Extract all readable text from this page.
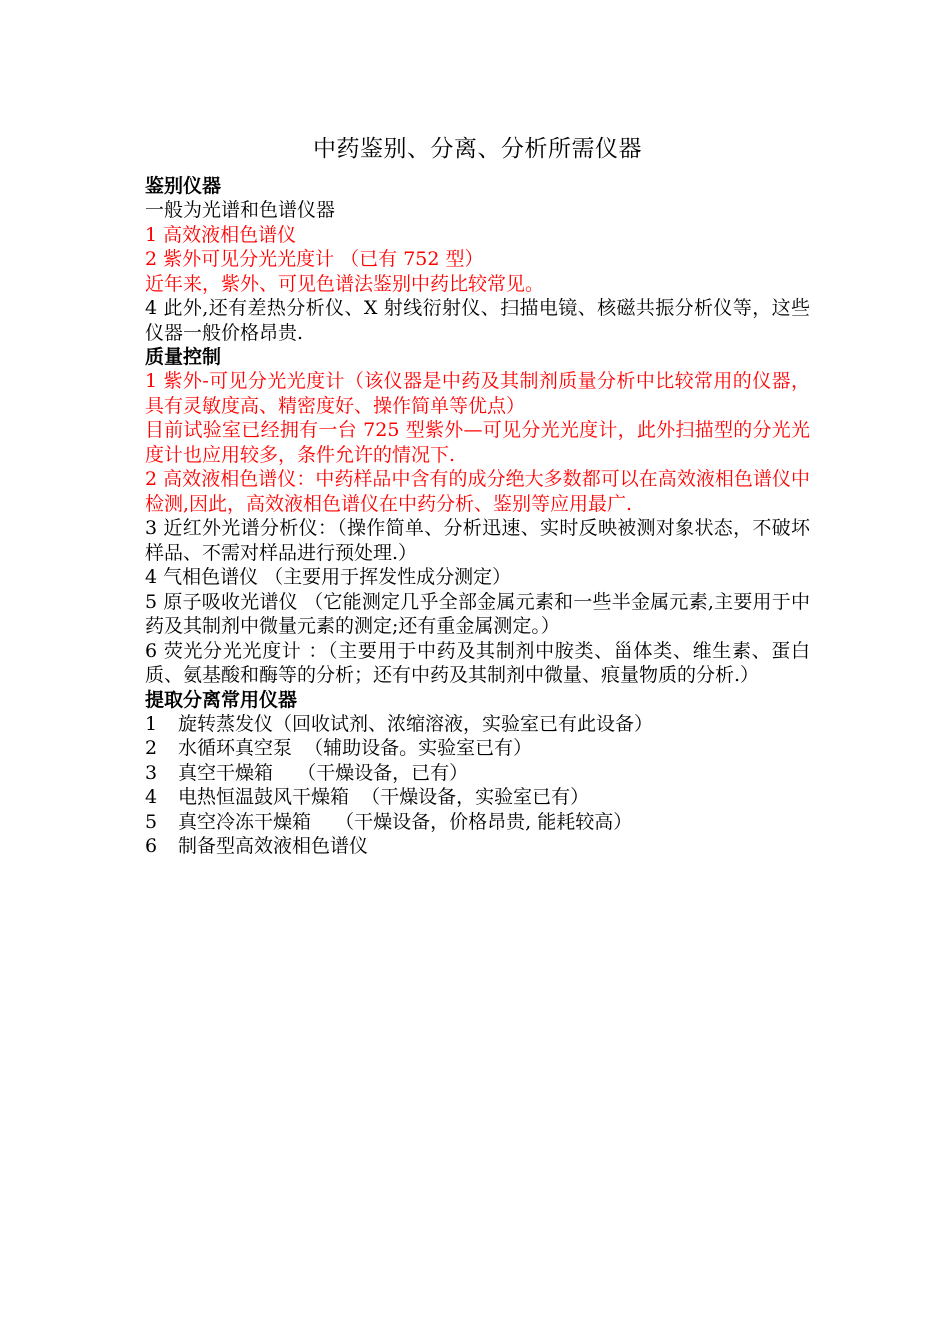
中药鉴别、分离、分析所需仪器

鉴别仪器

一般为光谱和色谱仪器

1 高效液相色谱仪

2 紫外可见分光光度计 （已有 752 型）

近年来，紫外、可见色谱法鉴别中药比较常见。

4 此外,还有差热分析仪、X 射线衍射仪、扫描电镜、核磁共振分析仪等，这些仪器一般价格昂贵.

质量控制

1 紫外-可见分光光度计（该仪器是中药及其制剂质量分析中比较常用的仪器，具有灵敏度高、精密度好、操作简单等优点）

目前试验室已经拥有一台 725 型紫外—可见分光光度计，此外扫描型的分光光度计也应用较多，条件允许的情况下.

2 高效液相色谱仪：中药样品中含有的成分绝大多数都可以在高效液相色谱仪中检测,因此，高效液相色谱仪在中药分析、鉴别等应用最广.

3 近红外光谱分析仪：（操作简单、分析迅速、实时反映被测对象状态，不破坏样品、不需对样品进行预处理.）

4 气相色谱仪 （主要用于挥发性成分测定）

5 原子吸收光谱仪 （它能测定几乎全部金属元素和一些半金属元素,主要用于中药及其制剂中微量元素的测定;还有重金属测定。）

6 荧光分光光度计 ：（主要用于中药及其制剂中胺类、甾体类、维生素、蛋白质、氨基酸和酶等的分析；还有中药及其制剂中微量、痕量物质的分析.）

提取分离常用仪器

1 旋转蒸发仪（回收试剂、浓缩溶液，实验室已有此设备）

2 水循环真空泵  （辅助设备。实验室已有）

3 真空干燥箱    （干燥设备，已有）

4 电热恒温鼓风干燥箱  （干燥设备，实验室已有）

5 真空冷冻干燥箱    （干燥设备，价格昂贵, 能耗较高）

6 制备型高效液相色谱仪
